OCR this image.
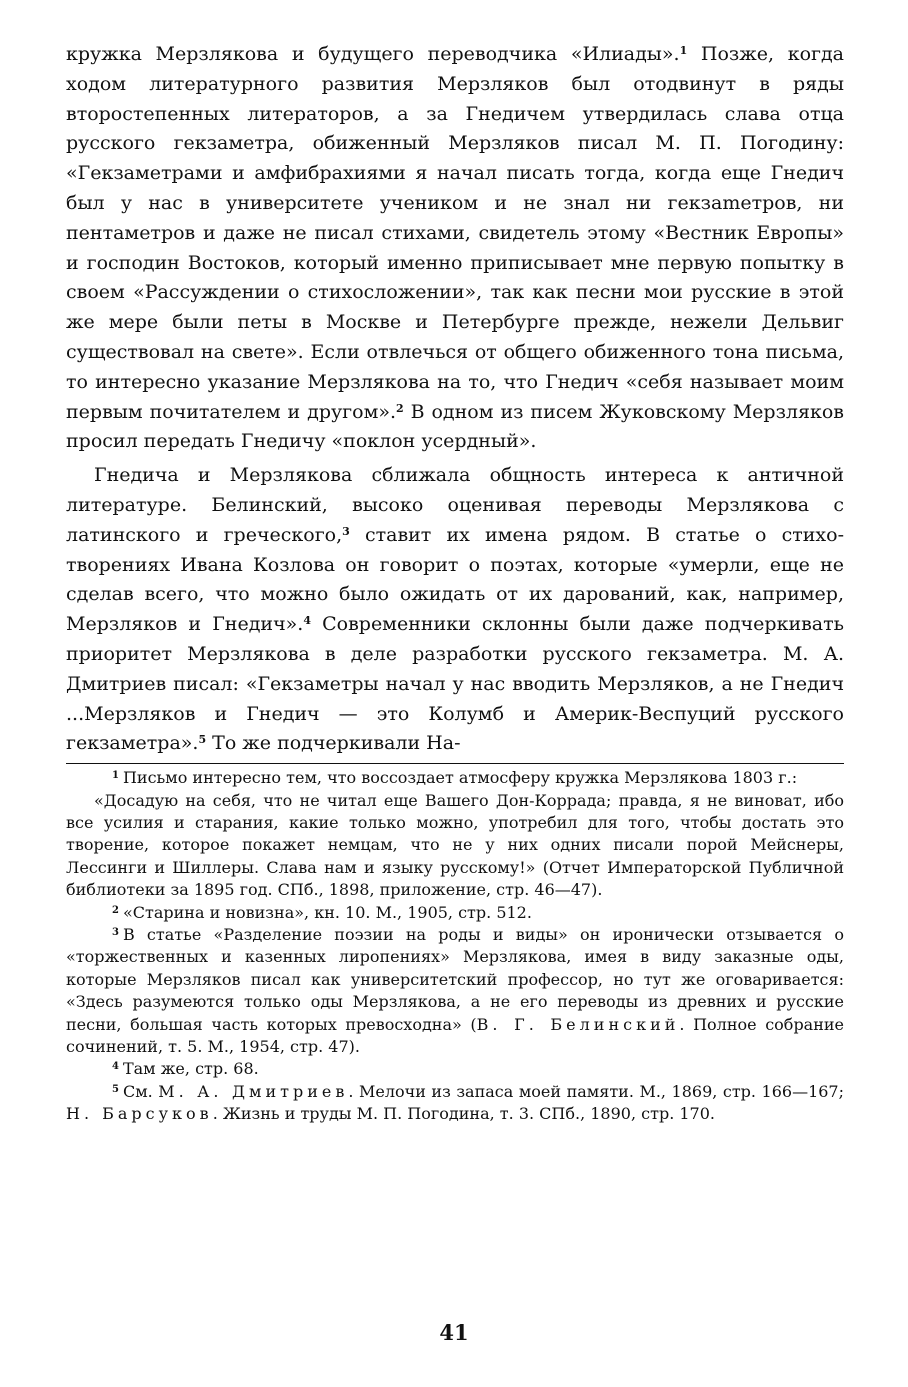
кружка Мерзлякова и будущего переводчика «Илиады».$^1$ Позже, когда ходом литературного развития Мерзляков был отодвинут в ряды второстепенных литераторов, а за Гнедичем утвердилась слава отца русского гекзаметра, обиженный Мерзляков писал М. П. Погодину: «Гекзаметрами и амфибрахиями я начал писать тогда, когда еще Гнедич был у нас в университете учеником и не знал ни гекзаmетров, ни пентаметров и даже не писал стихами, свидетель этому «Вестник Европы» и господин Востоков, который именно приписывает мне первую попытку в своем «Рассуждении о стихосложении», так как песни мои русские в этой же мере были петы в Москве и Петербурге прежде, нежели Дельвиг существовал на свете». Если отвлечься от общего обиженного тона письма, то интересно указание Мерзлякова на то, что Гнедич «себя называет моим первым почитателем и другом».$^2$ В одном из писем Жуковскому Мерзляков просил передать Гнедичу «поклон усердный».

Гнедича и Мерзлякова сближала общность интереса к античной литературе. Белинский, высоко оценивая переводы Мерзлякова с латинского и греческого,$^3$ ставит их имена рядом. В статье о стихотворениях Ивана Козлова он говорит о поэтах, которые «умерли, еще не сделав всего, что можно было ожидать от их дарований, как, например, Мерзляков и Гнедич».$^4$ Современники склонны были даже подчеркивать приоритет Мерзлякова в деле разработки русского гекзаметра. М. А. Дмитриев писал: «Гекзаметры начал у нас вводить Мерзляков, а не Гнедич ...Мерзляков и Гнедич — это Колумб и Америк-Веспуций русского гекзаметра».$^5$ То же подчеркивали На-

$^1$ Письмо интересно тем, что воссоздает атмосферу кружка Мерзлякова 1803 г.:

«Досадую на себя, что не читал еще Вашего Дон-Коррада; правда, я не виноват, ибо все усилия и старания, какие только можно, употребил для того, чтобы достать это творение, которое покажет немцам, что не у них одних писали порой Мейснеры, Лессинги и Шиллеры. Слава нам и языку русскому!» (Отчет Императорской Публичной библиотеки за 1895 год. СПб., 1898, приложение, стр. 46—47).

$^2$ «Старина и новизна», кн. 10. М., 1905, стр. 512.

$^3$ В статье «Разделение поэзии на роды и виды» он иронически отзывается о «торжественных и казенных лиропениях» Мерзлякова, имея в виду заказные оды, которые Мерзляков писал как университетский профессор, но тут же оговаривается: «Здесь разумеются только оды Мерзлякова, а не его переводы из древних и русские песни, большая часть которых превосходна» (В. Г. Белинский. Полное собрание сочинений, т. 5. М., 1954, стр. 47).

$^4$ Там же, стр. 68.

$^5$ См. М. А. Дмитриев. Мелочи из запаса моей памяти. М., 1869, стр. 166—167; Н. Барсуков. Жизнь и труды М. П. Погодина, т. 3. СПб., 1890, стр. 170.

41
